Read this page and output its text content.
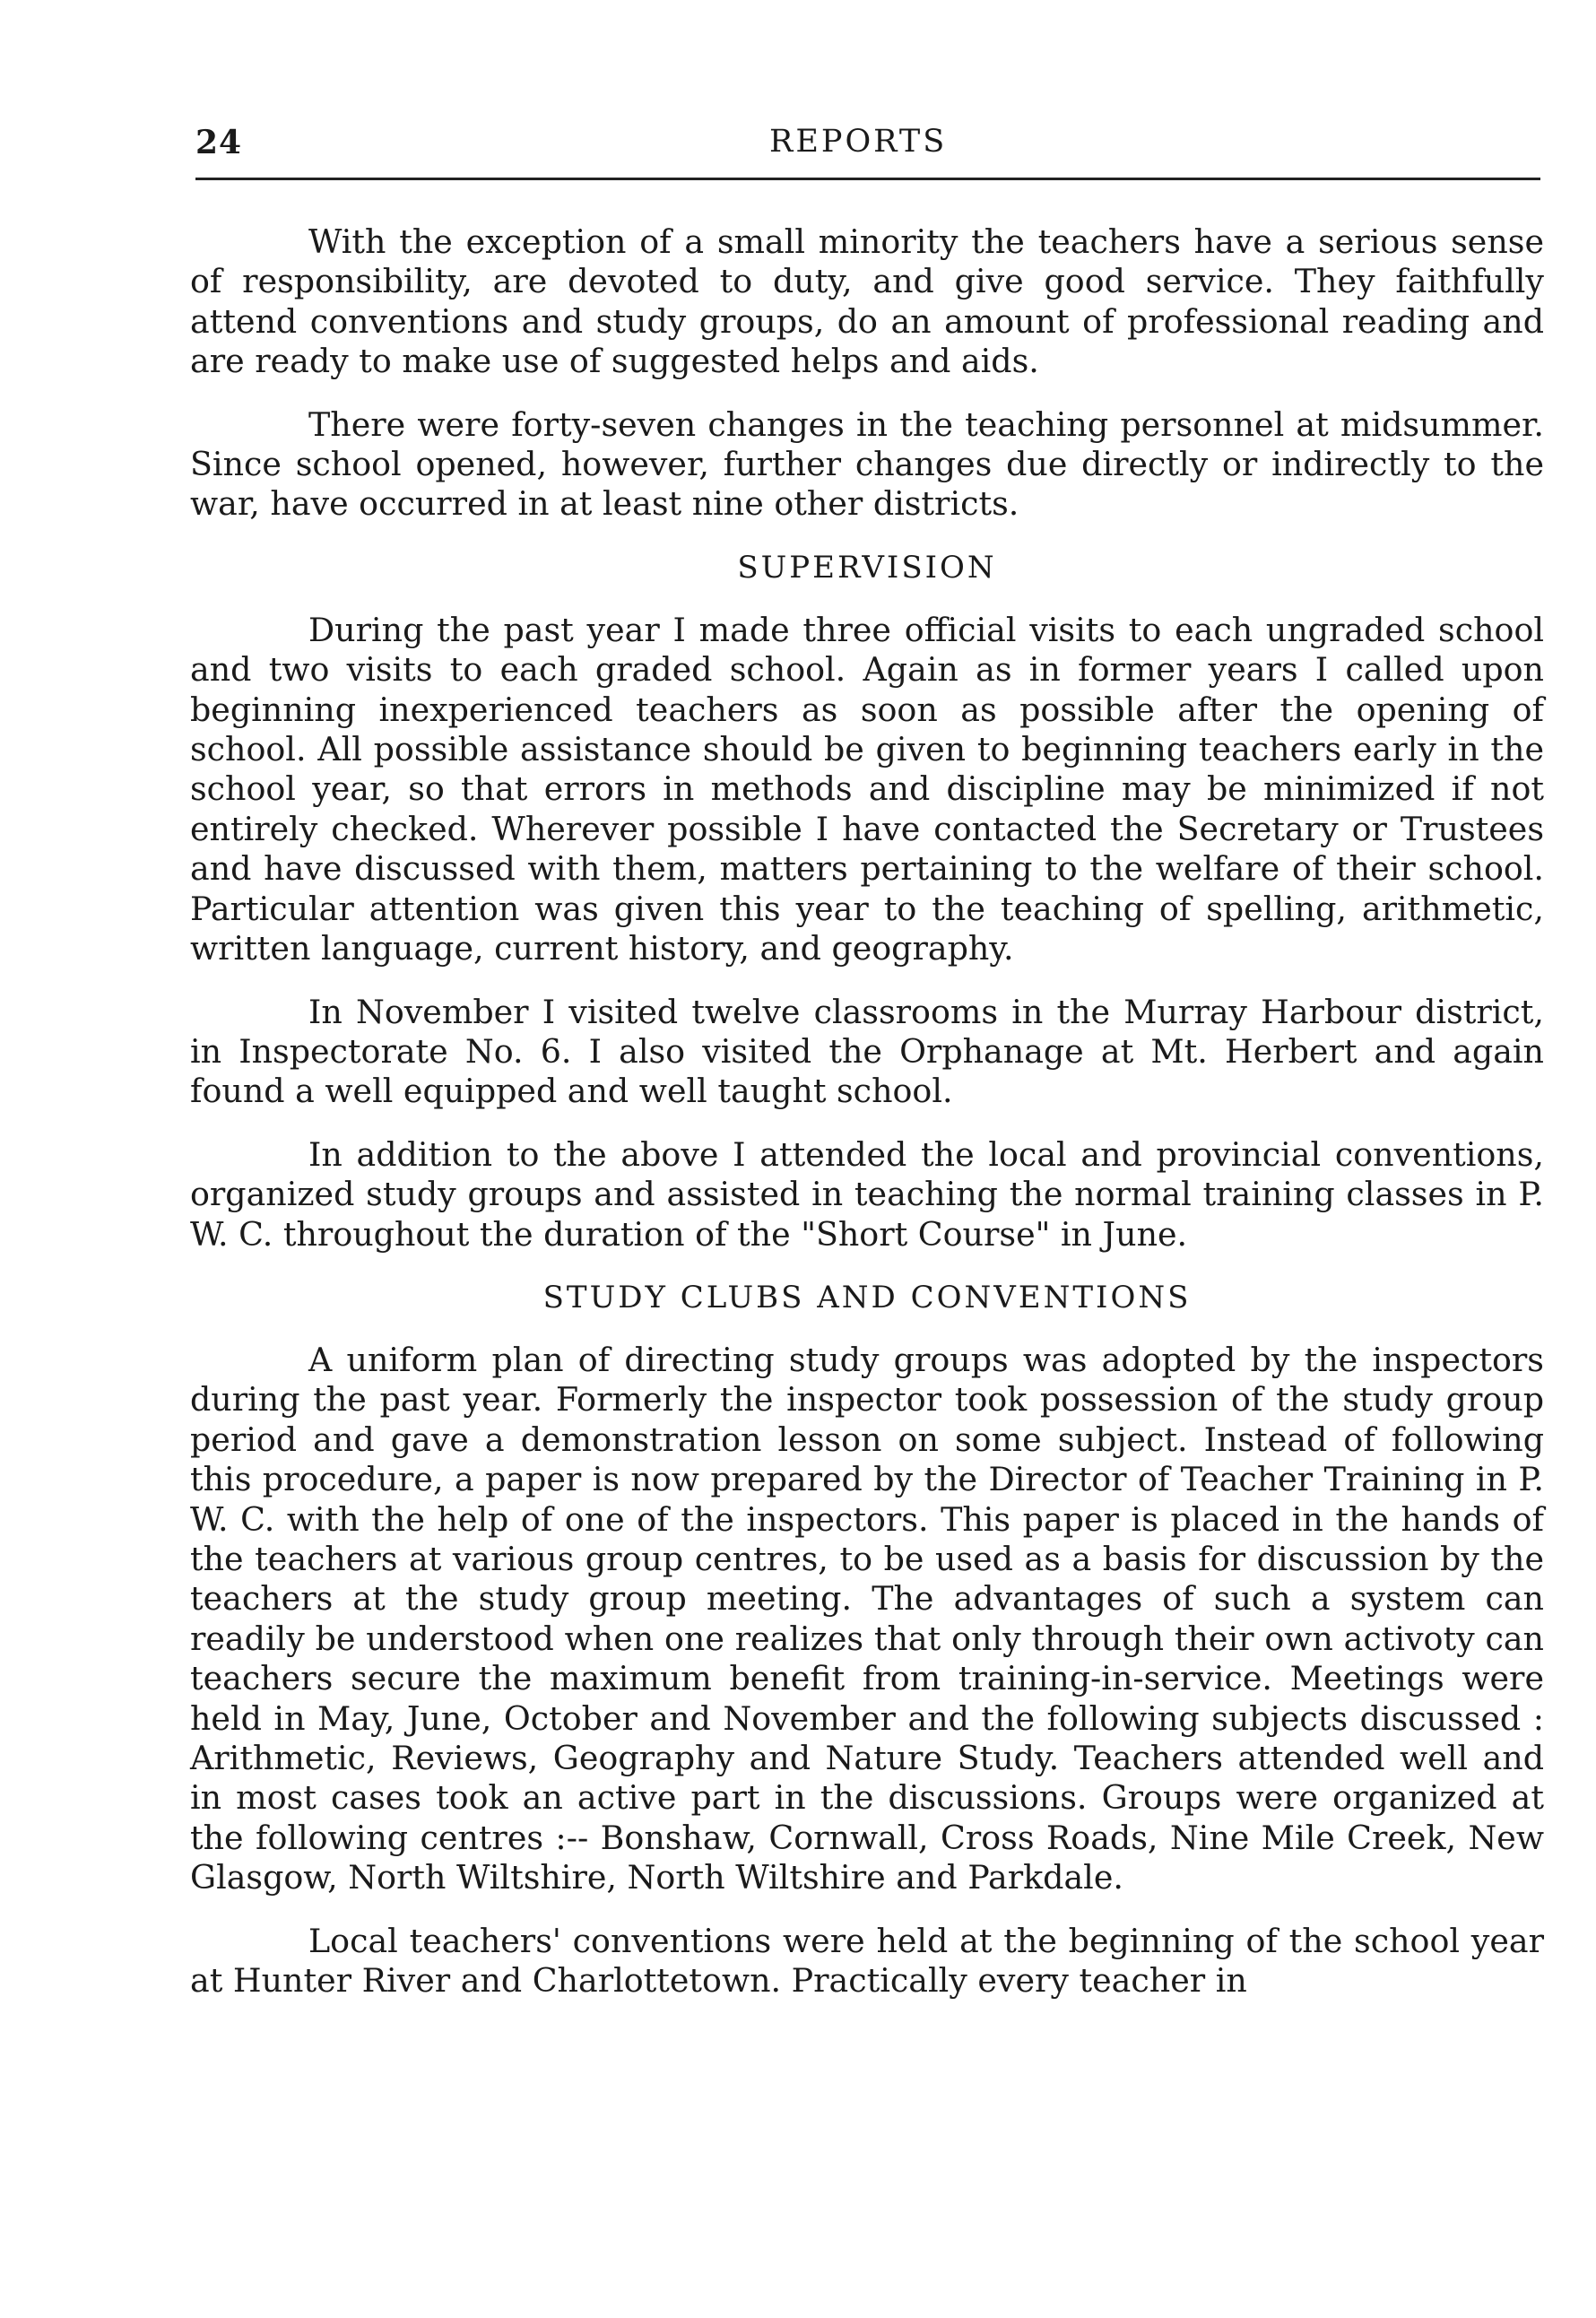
24	REPORTS

With the exception of a small minority the teachers have a serious sense of responsibility, are devoted to duty, and give good service. They faithfully attend conventions and study groups, do an amount of professional reading and are ready to make use of suggested helps and aids.

There were forty-seven changes in the teaching personnel at midsummer. Since school opened, however, further changes due directly or indirectly to the war, have occurred in at least nine other districts.

SUPERVISION

During the past year I made three official visits to each ungraded school and two visits to each graded school. Again as in former years I called upon beginning inexperienced teachers as soon as possible after the opening of school. All possible assistance should be given to beginning teachers early in the school year, so that errors in methods and discipline may be minimized if not entirely checked. Wherever possible I have contacted the Secretary or Trustees and have discussed with them, matters pertaining to the welfare of their school. Particular attention was given this year to the teaching of spelling, arithmetic, written language, current history, and geography.

In November I visited twelve classrooms in the Murray Harbour district, in Inspectorate No. 6. I also visited the Orphanage at Mt. Herbert and again found a well equipped and well taught school.

In addition to the above I attended the local and provincial conventions, organized study groups and assisted in teaching the normal training classes in P. W. C. throughout the duration of the "Short Course" in June.

STUDY CLUBS AND CONVENTIONS

A uniform plan of directing study groups was adopted by the inspectors during the past year. Formerly the inspector took possession of the study group period and gave a demonstration lesson on some subject. Instead of following this procedure, a paper is now prepared by the Director of Teacher Training in P. W. C. with the help of one of the inspectors. This paper is placed in the hands of the teachers at various group centres, to be used as a basis for discussion by the teachers at the study group meeting. The advantages of such a system can readily be understood when one realizes that only through their own activoty can teachers secure the maximum benefit from training-in-service. Meetings were held in May, June, October and November and the following subjects discussed : Arithmetic, Reviews, Geography and Nature Study. Teachers attended well and in most cases took an active part in the discussions. Groups were organized at the following centres :-- Bonshaw, Cornwall, Cross Roads, Nine Mile Creek, New Glasgow, North Wiltshire, North Wiltshire and Parkdale.

Local teachers' conventions were held at the beginning of the school year at Hunter River and Charlottetown. Practically every teacher in
